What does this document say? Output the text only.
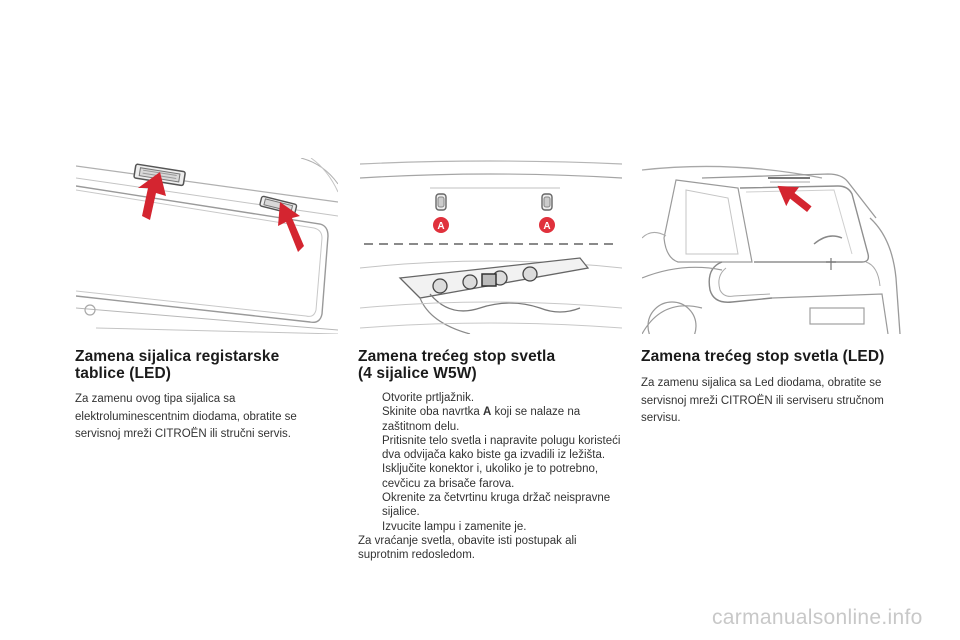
A	A
Zamena sijalica registarske
tablice (LED)

Za zamenu ovog tipa sijalica sa elektroluminescentnim diodama, obratite se servisnoj mreži CITROËN ili stručni servis.

Zamena trećeg stop svetla
(4 sijalice W5W)
Otvorite prtljažnik.
Skinite oba navrtka A koji se nalaze na zaštitnom delu.
Pritisnite telo svetla i napravite polugu koristeći dva odvijača kako biste ga izvadili iz ležišta.
Isključite konektor i, ukoliko je to potrebno, cevčicu za brisače farova.
Okrenite za četvrtinu kruga držač neispravne sijalice.
Izvucite lampu i zamenite je.

Za vraćanje svetla, obavite isti postupak ali suprotnim redosledom.

Zamena trećeg stop svetla (LED)

Za zamenu sijalica sa Led diodama, obratite se servisnoj mreži CITROËN ili serviseru stručnom servisu.

carmanualsonline.info
